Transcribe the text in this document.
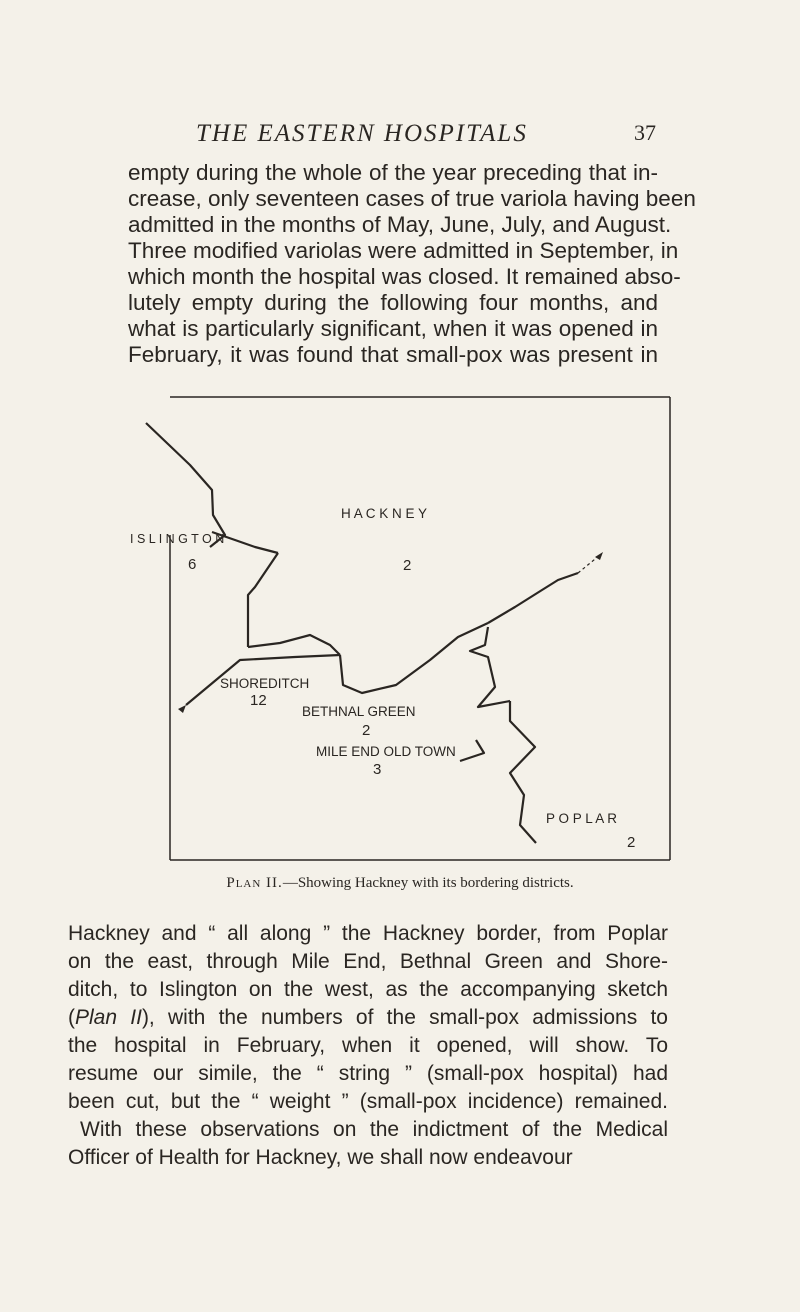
THE EASTERN HOSPITALS	37
empty during the whole of the year preceding that in-
crease, only seventeen cases of true variola having been
admitted in the months of May, June, July, and August.
Three modified variolas were admitted in September, in
which month the hospital was closed. It remained abso-
lutely empty during the following four months, and
what is particularly significant, when it was opened in
February, it was found that small-pox was present in
H A C K N E Y
2
I S L I N G T O N
6
SHOREDITCH
12
BETHNAL GREEN
2
MILE END OLD TOWN
3
P O P L A R
2
Plan II.—Showing Hackney with its bordering districts.
Hackney and “ all along ” the Hackney border, from Poplar
on the east, through Mile End, Bethnal Green and Shore-
ditch, to Islington on the west, as the accompanying sketch
(Plan II), with the numbers of the small-pox admissions to
the hospital in February, when it opened, will show. To
resume our simile, the “ string ” (small-pox hospital) had
been cut, but the “ weight ” (small-pox incidence) remained.
With these observations on the indictment of the Medical
Officer of Health for Hackney, we shall now endeavour
